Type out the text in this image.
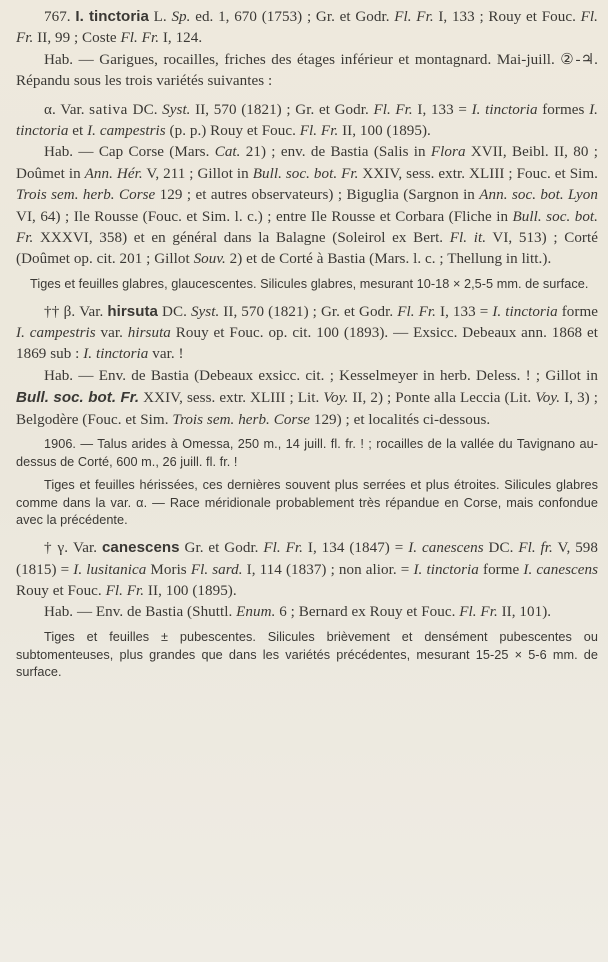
767. I. tinctoria L. Sp. ed. 1, 670 (1753) ; Gr. et Godr. Fl. Fr. I, 133 ; Rouy et Fouc. Fl. Fr. II, 99 ; Coste Fl. Fr. I, 124.

Hab. — Garigues, rocailles, friches des étages inférieur et montagnard. Mai-juill. ②-♃. Répandu sous les trois variétés suivantes :

α. Var. sativa DC. Syst. II, 570 (1821) ; Gr. et Godr. Fl. Fr. I, 133 = I. tinctoria formes I. tinctoria et I. campestris (p. p.) Rouy et Fouc. Fl. Fr. II, 100 (1895).

Hab. — Cap Corse (Mars. Cat. 21) ; env. de Bastia (Salis in Flora XVII, Beibl. II, 80 ; Doûmet in Ann. Hér. V, 211 ; Gillot in Bull. soc. bot. Fr. XXIV, sess. extr. XLIII ; Fouc. et Sim. Trois sem. herb. Corse 129 ; et autres observateurs) ; Biguglia (Sargnon in Ann. soc. bot. Lyon VI, 64) ; Ile Rousse (Fouc. et Sim. l. c.) ; entre Ile Rousse et Corbara (Fliche in Bull. soc. bot. Fr. XXXVI, 358) et en général dans la Balagne (Soleirol ex Bert. Fl. it. VI, 513) ; Corté (Doûmet op. cit. 201 ; Gillot Souv. 2) et de Corté à Bastia (Mars. l. c. ; Thellung in litt.).

Tiges et feuilles glabres, glaucescentes. Silicules glabres, mesurant 10-18 × 2,5-5 mm. de surface.

†† β. Var. hirsuta DC. Syst. II, 570 (1821) ; Gr. et Godr. Fl. Fr. I, 133 = I. tinctoria forme I. campestris var. hirsuta Rouy et Fouc. op. cit. 100 (1893). — Exsicc. Debeaux ann. 1868 et 1869 sub : I. tinctoria var. !

Hab. — Env. de Bastia (Debeaux exsicc. cit. ; Kesselmeyer in herb. Deless. ! ; Gillot in Bull. soc. bot. Fr. XXIV, sess. extr. XLIII ; Lit. Voy. II, 2) ; Ponte alla Leccia (Lit. Voy. I, 3) ; Belgodère (Fouc. et Sim. Trois sem. herb. Corse 129) ; et localités ci-dessous.

1906. — Talus arides à Omessa, 250 m., 14 juill. fl. fr. ! ; rocailles de la vallée du Tavignano au-dessus de Corté, 600 m., 26 juill. fl. fr. !

Tiges et feuilles hérissées, ces dernières souvent plus serrées et plus étroites. Silicules glabres comme dans la var. α. — Race méridionale probablement très répandue en Corse, mais confondue avec la précédente.

† γ. Var. canescens Gr. et Godr. Fl. Fr. I, 134 (1847) = I. canescens DC. Fl. fr. V, 598 (1815) = I. lusitanica Moris Fl. sard. I, 114 (1837) ; non alior. = I. tinctoria forme I. canescens Rouy et Fouc. Fl. Fr. II, 100 (1895).

Hab. — Env. de Bastia (Shuttl. Enum. 6 ; Bernard ex Rouy et Fouc. Fl. Fr. II, 101).

Tiges et feuilles ± pubescentes. Silicules brièvement et densément pubescentes ou subtomenteuses, plus grandes que dans les variétés précédentes, mesurant 15-25 × 5-6 mm. de surface.
